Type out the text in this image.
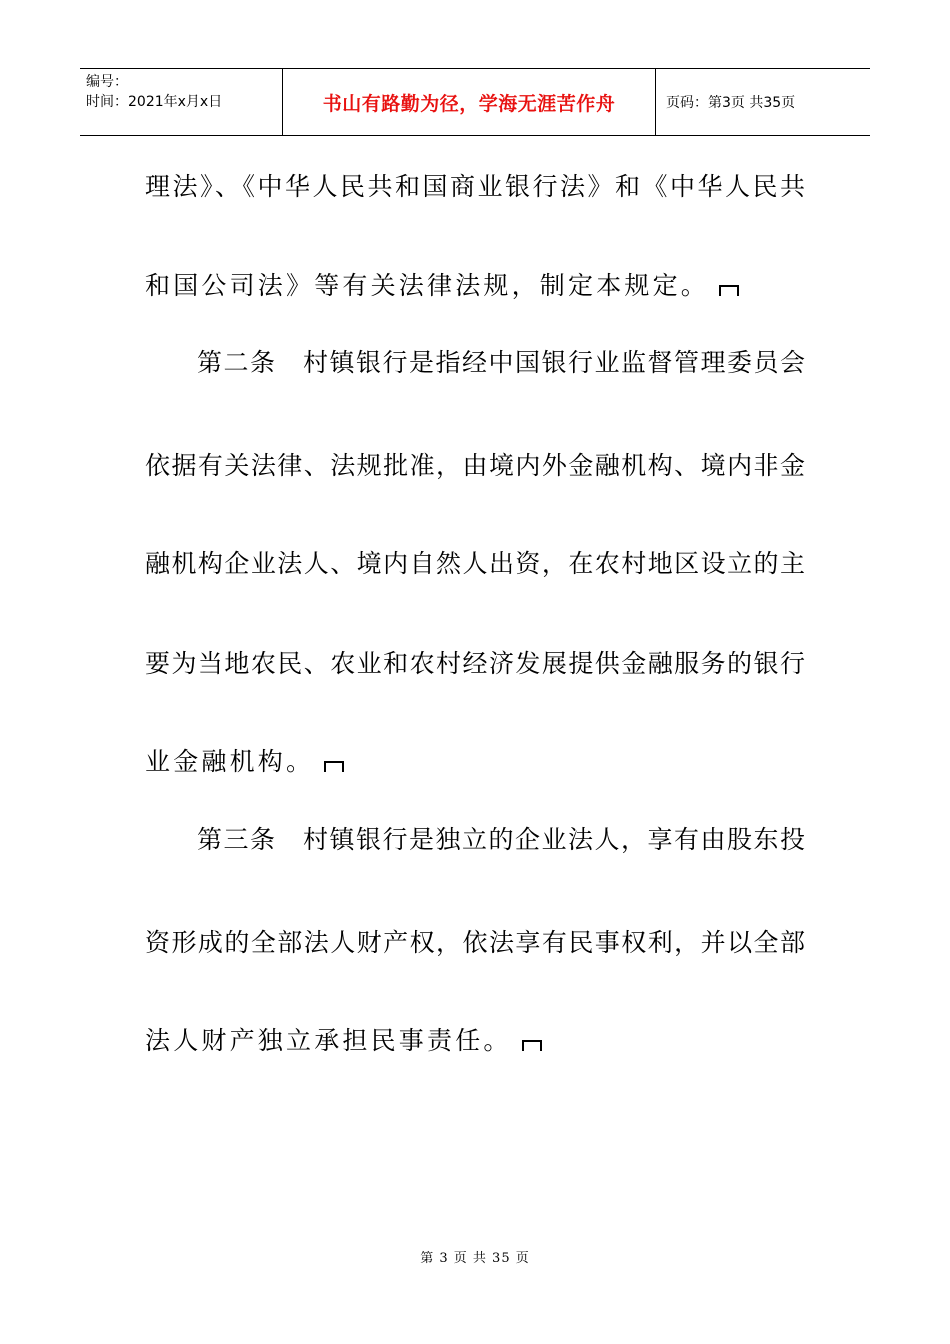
编号：
时间：2021年x月x日	书山有路勤为径，学海无涯苦作舟	页码：第3页 共35页
理法》、《中华人民共和国商业银行法》和《中华人民共
和国公司法》等有关法律法规，制定本规定。
第二条　村镇银行是指经中国银行业监督管理委员会
依据有关法律、法规批准，由境内外金融机构、境内非金
融机构企业法人、境内自然人出资，在农村地区设立的主
要为当地农民、农业和农村经济发展提供金融服务的银行
业金融机构。
第三条　村镇银行是独立的企业法人，享有由股东投
资形成的全部法人财产权，依法享有民事权利，并以全部
法人财产独立承担民事责任。
第 3 页 共 35 页
